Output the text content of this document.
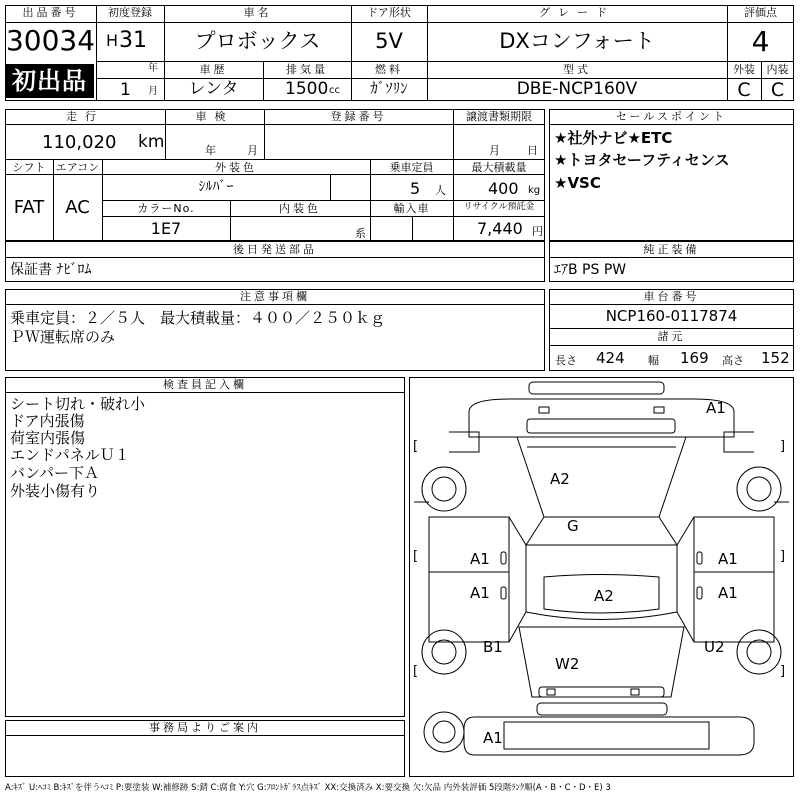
出品番号
30034
初出品
初度登録
H 31
年
1 月
車名
プロボックス
ドア形状
5V
グレード
DXコンフォート
評価点
4
車歴
レンタ
排気量
1500 cc
燃料
ｶﾞｿﾘﾝ
型式
DBE-NCP160V
外装
C
内装
C
走行
110,020 km
車検
年	月
登録番号	譲渡書類期限
月 日
シフト
FAT
エアコン
AC
外装色
ｼﾙﾊﾞｰ
乗車定員
5 人
最大積載量
400 kg
カラーNo.
1E7
内装色
系
輸入車	リサイクル預託金
7,440 円
セールスポイント
★社外ナビ★ETC
★トヨタセーフティセンス
★VSC
後日発送部品
保証書 ﾅﾋﾞﾛﾑ
純正装備
ｴｱB PS PW
注意事項欄
乗車定員：２／５人　最大積載量：４００／２５０ｋｇ
ＰＷ運転席のみ
車台番号
NCP160-0117874
諸元
長さ 424 幅 169 高さ 152
検査員記入欄
シート切れ・破れ小
ドア内張傷
荷室内張傷
エンドパネルＵ１
バンパー下Ａ
外装小傷有り
事務局よりご案内
A1
A2
G
A1	A1
A1	A1
A2
B1	U2
W2
A1
[	]
[	]
[	]
A:ｷｽﾞ U:ﾍｺﾐ B:ｷｽﾞを伴うﾍｺﾐ P:要塗装 W:補修跡 S:錆 C:腐食 Y:穴 G:ﾌﾛﾝﾄｶﾞﾗｽ点ｷｽﾞ XX:交換済み X:要交換 欠:欠品 内外装評価 5段階ﾗﾝｸ順(A・B・C・D・E) 3
